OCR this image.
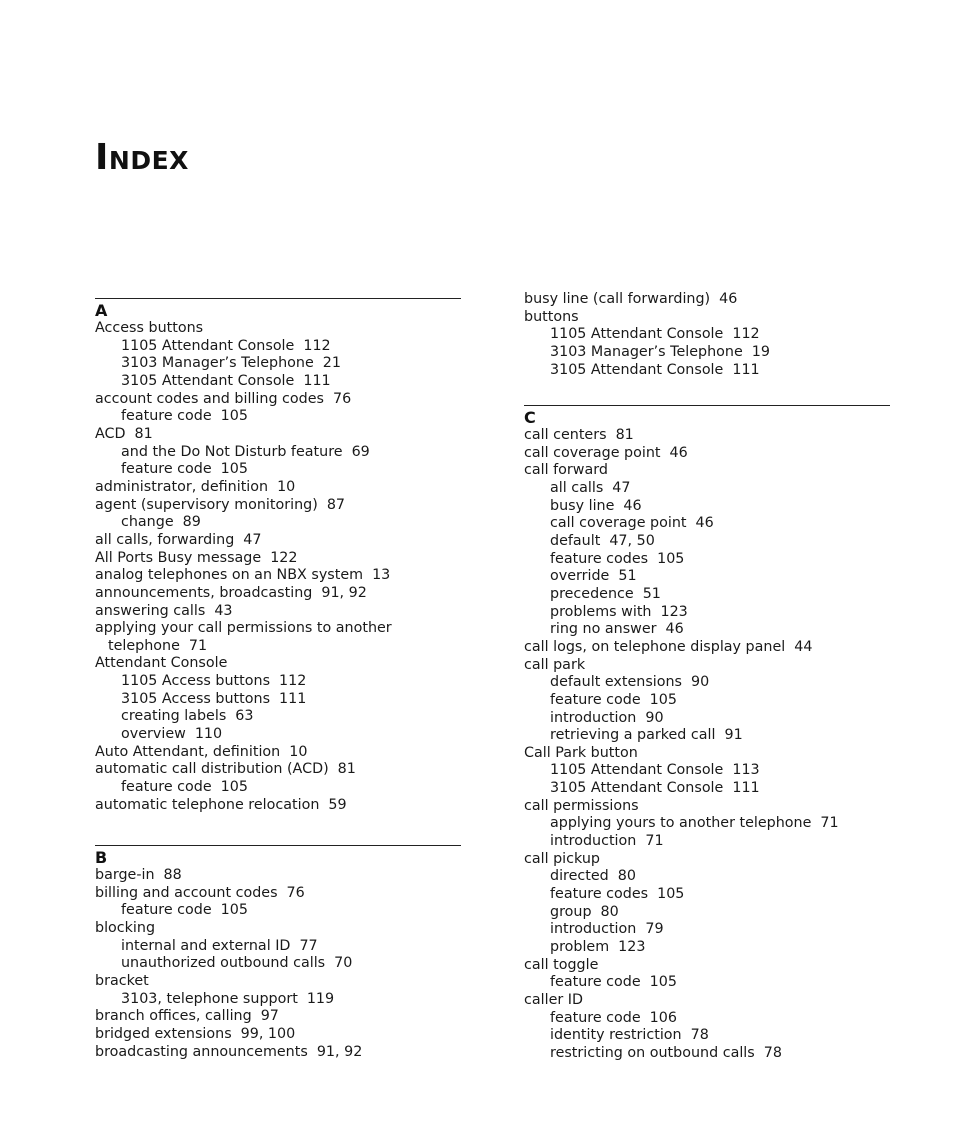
Index
A
Access buttons
1105 Attendant Console 112
3103 Manager’s Telephone 21
3105 Attendant Console 111
account codes and billing codes 76
feature code 105
ACD 81
and the Do Not Disturb feature 69
feature code 105
administrator, definition 10
agent (supervisory monitoring) 87
change 89
all calls, forwarding 47
All Ports Busy message 122
analog telephones on an NBX system 13
announcements, broadcasting 91, 92
answering calls 43
applying your call permissions to another
telephone 71
Attendant Console
1105 Access buttons 112
3105 Access buttons 111
creating labels 63
overview 110
Auto Attendant, definition 10
automatic call distribution (ACD) 81
feature code 105
automatic telephone relocation 59
B
barge-in 88
billing and account codes 76
feature code 105
blocking
internal and external ID 77
unauthorized outbound calls 70
bracket
3103, telephone support 119
branch offices, calling 97
bridged extensions 99, 100
broadcasting announcements 91, 92
busy line (call forwarding) 46
buttons
1105 Attendant Console 112
3103 Manager’s Telephone 19
3105 Attendant Console 111
C
call centers 81
call coverage point 46
call forward
all calls 47
busy line 46
call coverage point 46
default 47, 50
feature codes 105
override 51
precedence 51
problems with 123
ring no answer 46
call logs, on telephone display panel 44
call park
default extensions 90
feature code 105
introduction 90
retrieving a parked call 91
Call Park button
1105 Attendant Console 113
3105 Attendant Console 111
call permissions
applying yours to another telephone 71
introduction 71
call pickup
directed 80
feature codes 105
group 80
introduction 79
problem 123
call toggle
feature code 105
caller ID
feature code 106
identity restriction 78
restricting on outbound calls 78
